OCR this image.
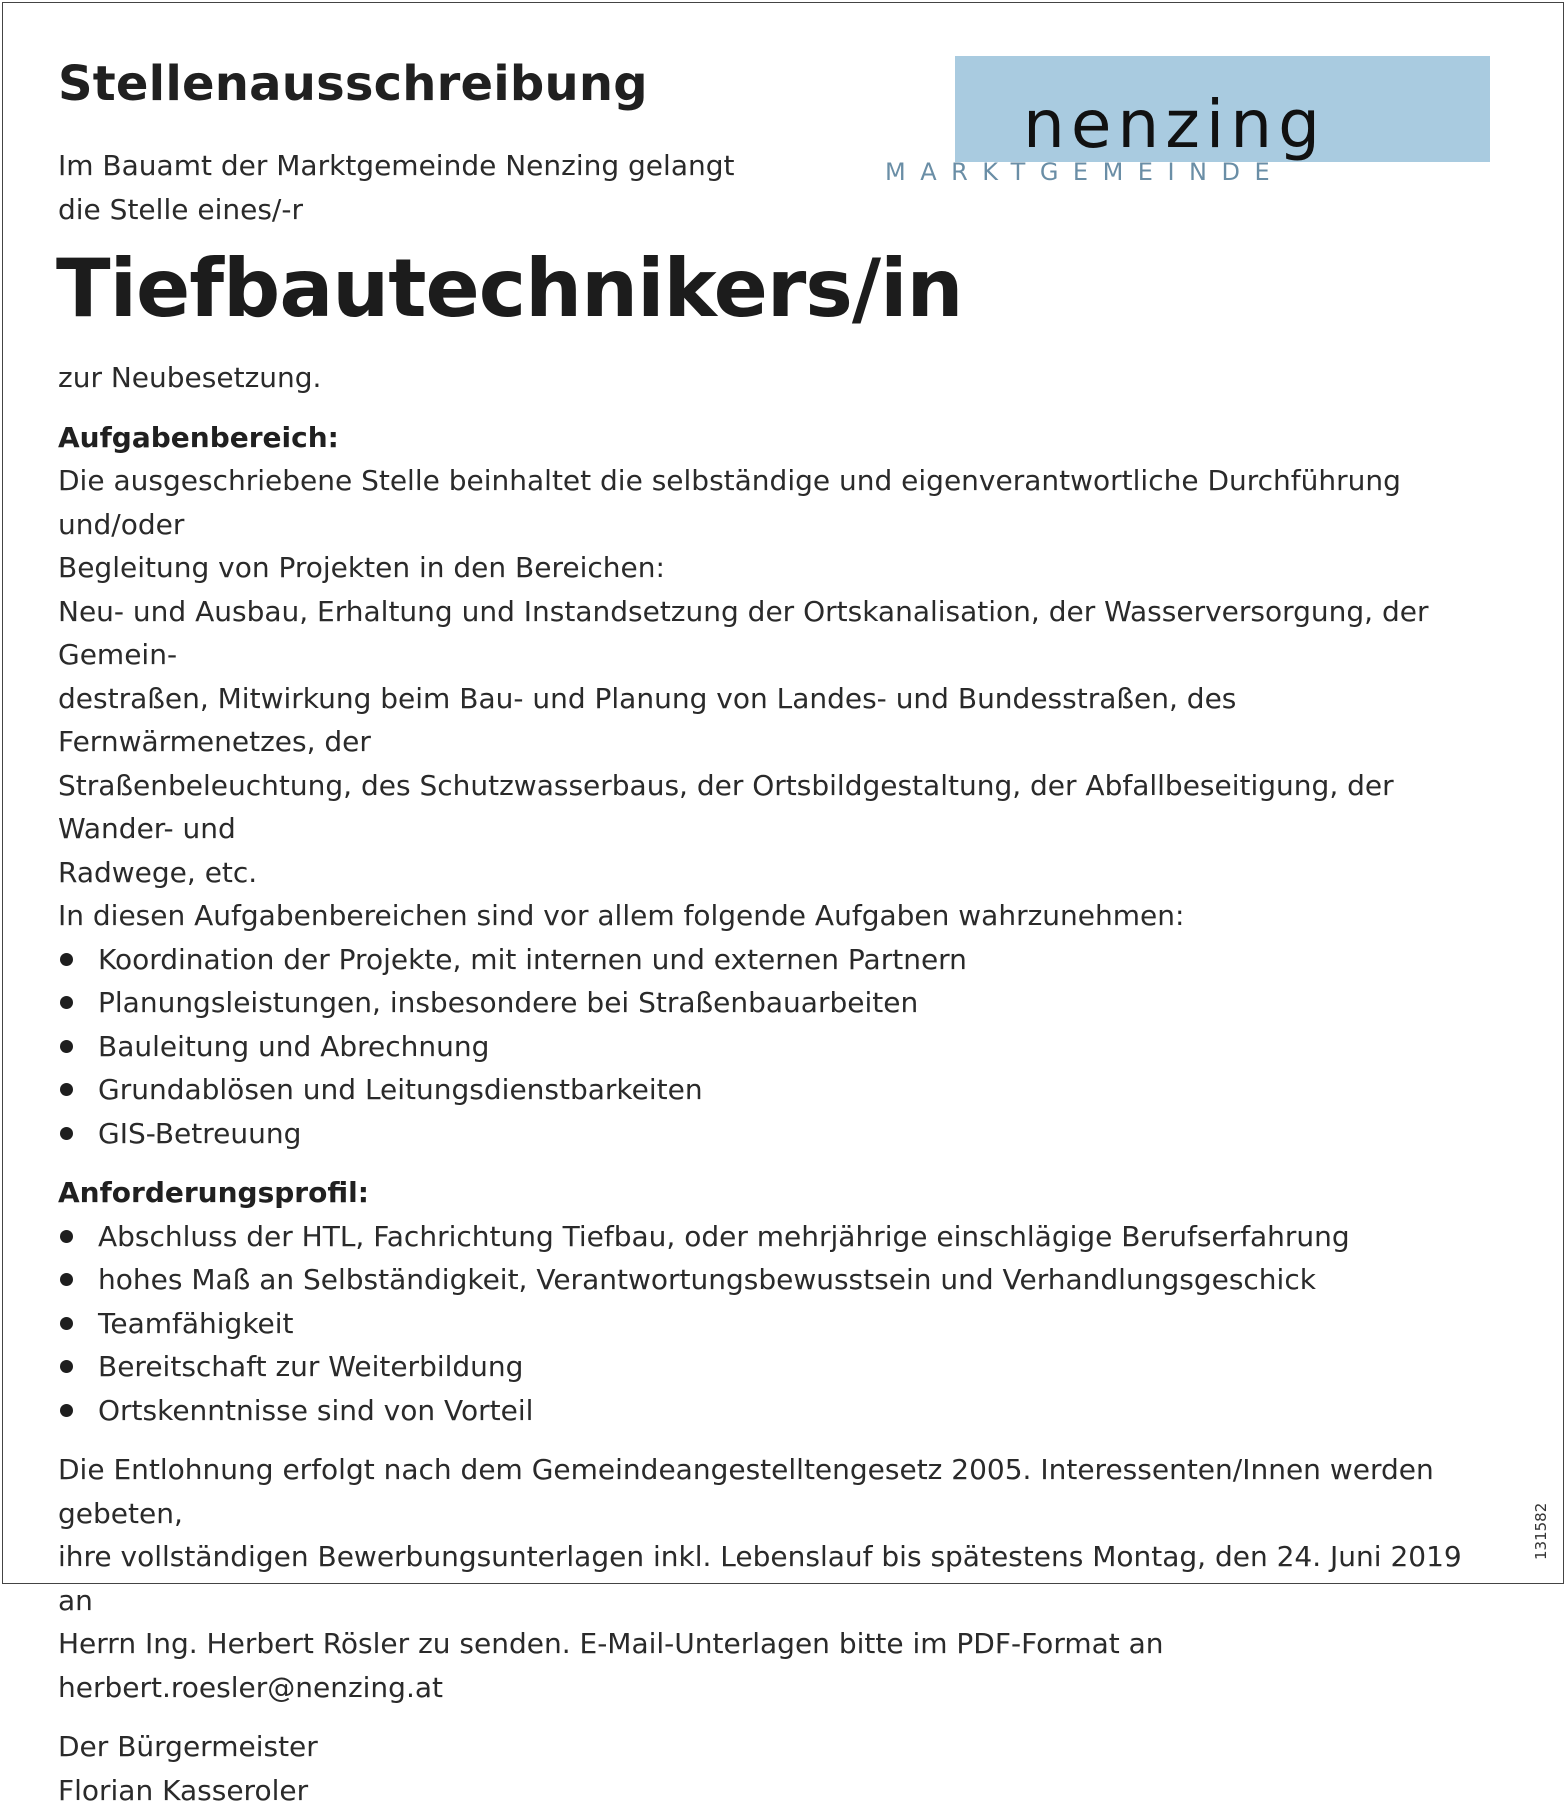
Stellenausschreibung
Im Bauamt der Marktgemeinde Nenzing gelangt
die Stelle eines/-r
nenzing
MARKTGEMEINDE
Tiefbautechnikers/in

zur Neubesetzung.

Aufgabenbereich:

Die ausgeschriebene Stelle beinhaltet die selbständige und eigenverantwortliche Durchführung und/oder

Begleitung von Projekten in den Bereichen:

Neu- und Ausbau, Erhaltung und Instandsetzung der Ortskanalisation, der Wasserversorgung, der Gemein-

destraßen, Mitwirkung beim Bau- und Planung von Landes- und Bundesstraßen, des Fernwärmenetzes, der

Straßenbeleuchtung, des Schutzwasserbaus, der Ortsbildgestaltung, der Abfallbeseitigung, der Wander- und

Radwege, etc.

In diesen Aufgabenbereichen sind vor allem folgende Aufgaben wahrzunehmen:

Koordination der Projekte, mit internen und externen Partnern
Planungsleistungen, insbesondere bei Straßenbauarbeiten
Bauleitung und Abrechnung
Grundablösen und Leitungsdienstbarkeiten
GIS-Betreuung

Anforderungsprofil:

Abschluss der HTL, Fachrichtung Tiefbau, oder mehrjährige einschlägige Berufserfahrung
hohes Maß an Selbständigkeit, Verantwortungsbewusstsein und Verhandlungsgeschick
Teamfähigkeit
Bereitschaft zur Weiterbildung
Ortskenntnisse sind von Vorteil

Die Entlohnung erfolgt nach dem Gemeindeangestelltengesetz 2005. Interessenten/Innen werden gebeten,

ihre vollständigen Bewerbungsunterlagen inkl. Lebenslauf bis spätestens Montag, den 24. Juni 2019 an

Herrn Ing. Herbert Rösler zu senden. E-Mail-Unterlagen bitte im PDF-Format an herbert.roesler@nenzing.at

Der Bürgermeister

Florian Kasseroler

131582
